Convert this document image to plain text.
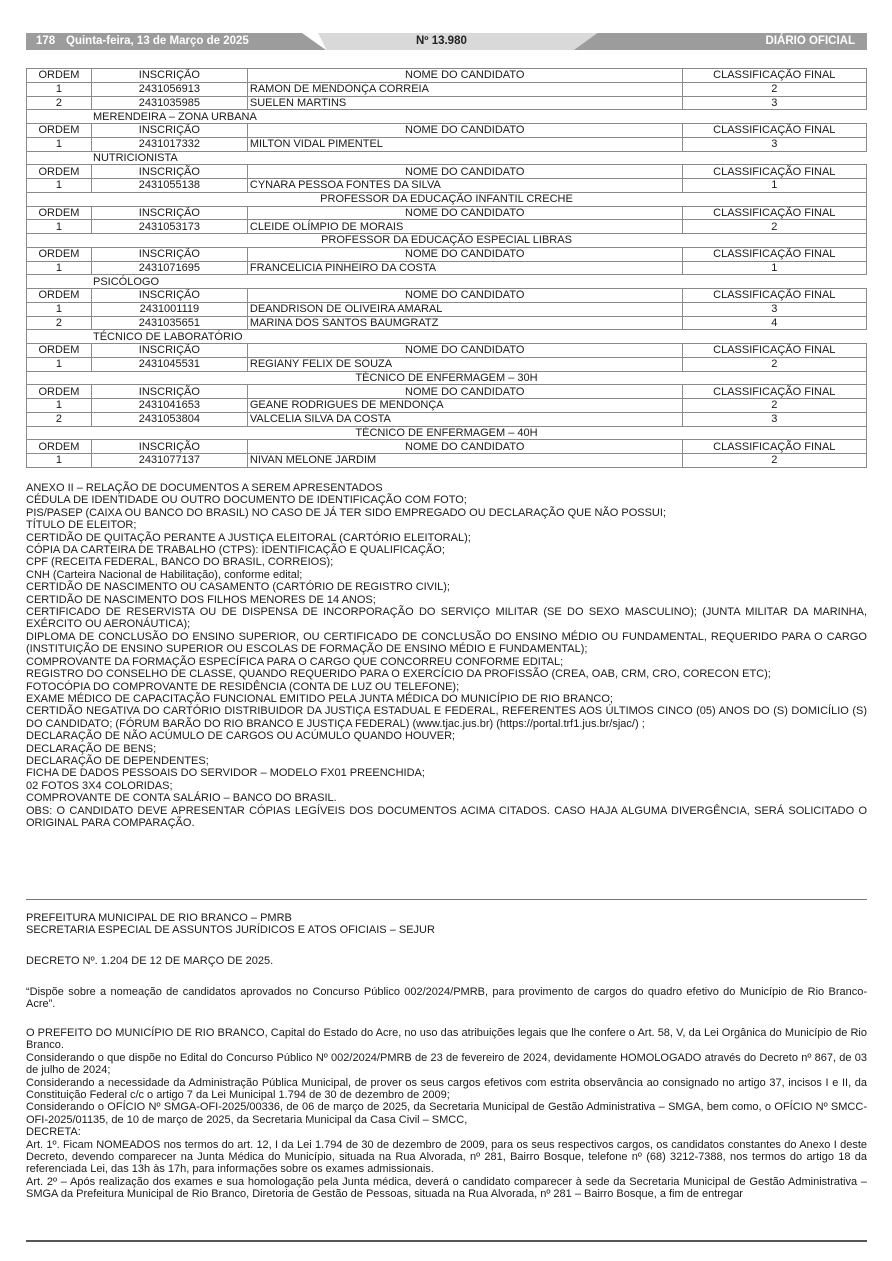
178 Quinta-feira, 13 de Março de 2025	Nº 13.980	DIÁRIO OFICIAL
ORDEM	INSCRIÇÃO	NOME DO CANDIDATO	CLASSIFICAÇÃO FINAL
1	2431056913	RAMON DE MENDONÇA CORREIA	2
2	2431035985	SUELEN MARTINS	3
MERENDEIRA – ZONA URBANA			
ORDEM	INSCRIÇÃO	NOME DO CANDIDATO	CLASSIFICAÇÃO FINAL
1	2431017332	MILTON VIDAL PIMENTEL	3
NUTRICIONISTA			
ORDEM	INSCRIÇÃO	NOME DO CANDIDATO	CLASSIFICAÇÃO FINAL
1	2431055138	CYNARA PESSOA FONTES DA SILVA	1
PROFESSOR DA EDUCAÇÃO INFANTIL CRECHE			
ORDEM	INSCRIÇÃO	NOME DO CANDIDATO	CLASSIFICAÇÃO FINAL
1	2431053173	CLEIDE OLÍMPIO DE MORAIS	2
PROFESSOR DA EDUCAÇÃO ESPECIAL LIBRAS			
ORDEM	INSCRIÇÃO	NOME DO CANDIDATO	CLASSIFICAÇÃO FINAL
1	2431071695	FRANCELICIA PINHEIRO DA COSTA	1
PSICÓLOGO			
ORDEM	INSCRIÇÃO	NOME DO CANDIDATO	CLASSIFICAÇÃO FINAL
1	2431001119	DEANDRISON DE OLIVEIRA AMARAL	3
2	2431035651	MARINA DOS SANTOS BAUMGRATZ	4
TÉCNICO DE LABORATÓRIO			
ORDEM	INSCRIÇÃO	NOME DO CANDIDATO	CLASSIFICAÇÃO FINAL
1	2431045531	REGIANY FELIX DE SOUZA	2
TÉCNICO DE ENFERMAGEM – 30H			
ORDEM	INSCRIÇÃO	NOME DO CANDIDATO	CLASSIFICAÇÃO FINAL
1	2431041653	GEANE RODRIGUES DE MENDONÇA	2
2	2431053804	VALCELIA SILVA DA COSTA	3
TÉCNICO DE ENFERMAGEM – 40H			
ORDEM	INSCRIÇÃO	NOME DO CANDIDATO	CLASSIFICAÇÃO FINAL
1	2431077137	NIVAN MELONE JARDIM	2

ANEXO II – RELAÇÃO DE DOCUMENTOS A SEREM APRESENTADOS

CÉDULA DE IDENTIDADE OU OUTRO DOCUMENTO DE IDENTIFICAÇÃO COM FOTO;

PIS/PASEP (CAIXA OU BANCO DO BRASIL) NO CASO DE JÁ TER SIDO EMPREGADO OU DECLARAÇÃO QUE NÃO POSSUI;

TÍTULO DE ELEITOR;

CERTIDÃO DE QUITAÇÃO PERANTE A JUSTIÇA ELEITORAL (CARTÓRIO ELEITORAL);

CÓPIA DA CARTEIRA DE TRABALHO (CTPS): IDENTIFICAÇÃO E QUALIFICAÇÃO;

CPF (RECEITA FEDERAL, BANCO DO BRASIL, CORREIOS);

CNH (Carteira Nacional de Habilitação), conforme edital;

CERTIDÃO DE NASCIMENTO OU CASAMENTO (CARTÓRIO DE REGISTRO CIVIL);

CERTIDÃO DE NASCIMENTO DOS FILHOS MENORES DE 14 ANOS;

CERTIFICADO DE RESERVISTA OU DE DISPENSA DE INCORPORAÇÃO DO SERVIÇO MILITAR (SE DO SEXO MASCULINO); (JUNTA MILITAR DA MARINHA, EXÉRCITO OU AERONÁUTICA);

DIPLOMA DE CONCLUSÃO DO ENSINO SUPERIOR, OU CERTIFICADO DE CONCLUSÃO DO ENSINO MÉDIO OU FUNDAMENTAL, REQUERIDO PARA O CARGO (INSTITUIÇÃO DE ENSINO SUPERIOR OU ESCOLAS DE FORMAÇÃO DE ENSINO MÉDIO E FUNDAMENTAL);

COMPROVANTE DA FORMAÇÃO ESPECÍFICA PARA O CARGO QUE CONCORREU CONFORME EDITAL;

REGISTRO DO CONSELHO DE CLASSE, QUANDO REQUERIDO PARA O EXERCÍCIO DA PROFISSÃO (CREA, OAB, CRM, CRO, CORECON ETC);

FOTOCÓPIA DO COMPROVANTE DE RESIDÊNCIA (CONTA DE LUZ OU TELEFONE);

EXAME MÉDICO DE CAPACITAÇÃO FUNCIONAL EMITIDO PELA JUNTA MÉDICA DO MUNICÍPIO DE RIO BRANCO;

CERTIDÃO NEGATIVA DO CARTÓRIO DISTRIBUIDOR DA JUSTIÇA ESTADUAL E FEDERAL, REFERENTES AOS ÚLTIMOS CINCO (05) ANOS DO (S) DOMICÍLIO (S) DO CANDIDATO; (FÓRUM BARÃO DO RIO BRANCO E JUSTIÇA FEDERAL) (www.tjac.jus.br) (https://portal.trf1.jus.br/sjac/) ;

DECLARAÇÃO DE NÃO ACÚMULO DE CARGOS OU ACÚMULO QUANDO HOUVER;

DECLARAÇÃO DE BENS;

DECLARAÇÃO DE DEPENDENTES;

FICHA DE DADOS PESSOAIS DO SERVIDOR – MODELO FX01 PREENCHIDA;

02 FOTOS 3X4 COLORIDAS;

COMPROVANTE DE CONTA SALÁRIO – BANCO DO BRASIL.

OBS: O CANDIDATO DEVE APRESENTAR CÓPIAS LEGÍVEIS DOS DOCUMENTOS ACIMA CITADOS. CASO HAJA ALGUMA DIVERGÊNCIA, SERÁ SOLICITADO O ORIGINAL PARA COMPARAÇÃO.

PREFEITURA MUNICIPAL DE RIO BRANCO – PMRB

SECRETARIA ESPECIAL DE ASSUNTOS JURÍDICOS E ATOS OFICIAIS – SEJUR

DECRETO Nº. 1.204 DE 12 DE MARÇO DE 2025.

“Dispõe sobre a nomeação de candidatos aprovados no Concurso Público 002/2024/PMRB, para provimento de cargos do quadro efetivo do Município de Rio Branco-Acre”.

O PREFEITO DO MUNICÍPIO DE RIO BRANCO, Capital do Estado do Acre, no uso das atribuições legais que lhe confere o Art. 58, V, da Lei Orgânica do Município de Rio Branco.

Considerando o que dispõe no Edital do Concurso Público Nº 002/2024/PMRB de 23 de fevereiro de 2024, devidamente HOMOLOGADO através do Decreto nº 867, de 03 de julho de 2024;

Considerando a necessidade da Administração Pública Municipal, de prover os seus cargos efetivos com estrita observância ao consignado no artigo 37, incisos I e II, da Constituição Federal c/c o artigo 7 da Lei Municipal 1.794 de 30 de dezembro de 2009;

Considerando o OFÍCIO Nº SMGA-OFI-2025/00336, de 06 de março de 2025, da Secretaria Municipal de Gestão Administrativa – SMGA, bem como, o OFÍCIO Nº SMCC-OFI-2025/01135, de 10 de março de 2025, da Secretaria Municipal da Casa Civil – SMCC,

DECRETA:

Art. 1º. Ficam NOMEADOS nos termos do art. 12, I da Lei 1.794 de 30 de dezembro de 2009, para os seus respectivos cargos, os candidatos constantes do Anexo I deste Decreto, devendo comparecer na Junta Médica do Município, situada na Rua Alvorada, nº 281, Bairro Bosque, telefone nº (68) 3212-7388, nos termos do artigo 18 da referenciada Lei, das 13h às 17h, para informações sobre os exames admissionais.

Art. 2º – Após realização dos exames e sua homologação pela Junta médica, deverá o candidato comparecer à sede da Secretaria Municipal de Gestão Administrativa – SMGA da Prefeitura Municipal de Rio Branco, Diretoria de Gestão de Pessoas, situada na Rua Alvorada, nº 281 – Bairro Bosque, a fim de entregar
